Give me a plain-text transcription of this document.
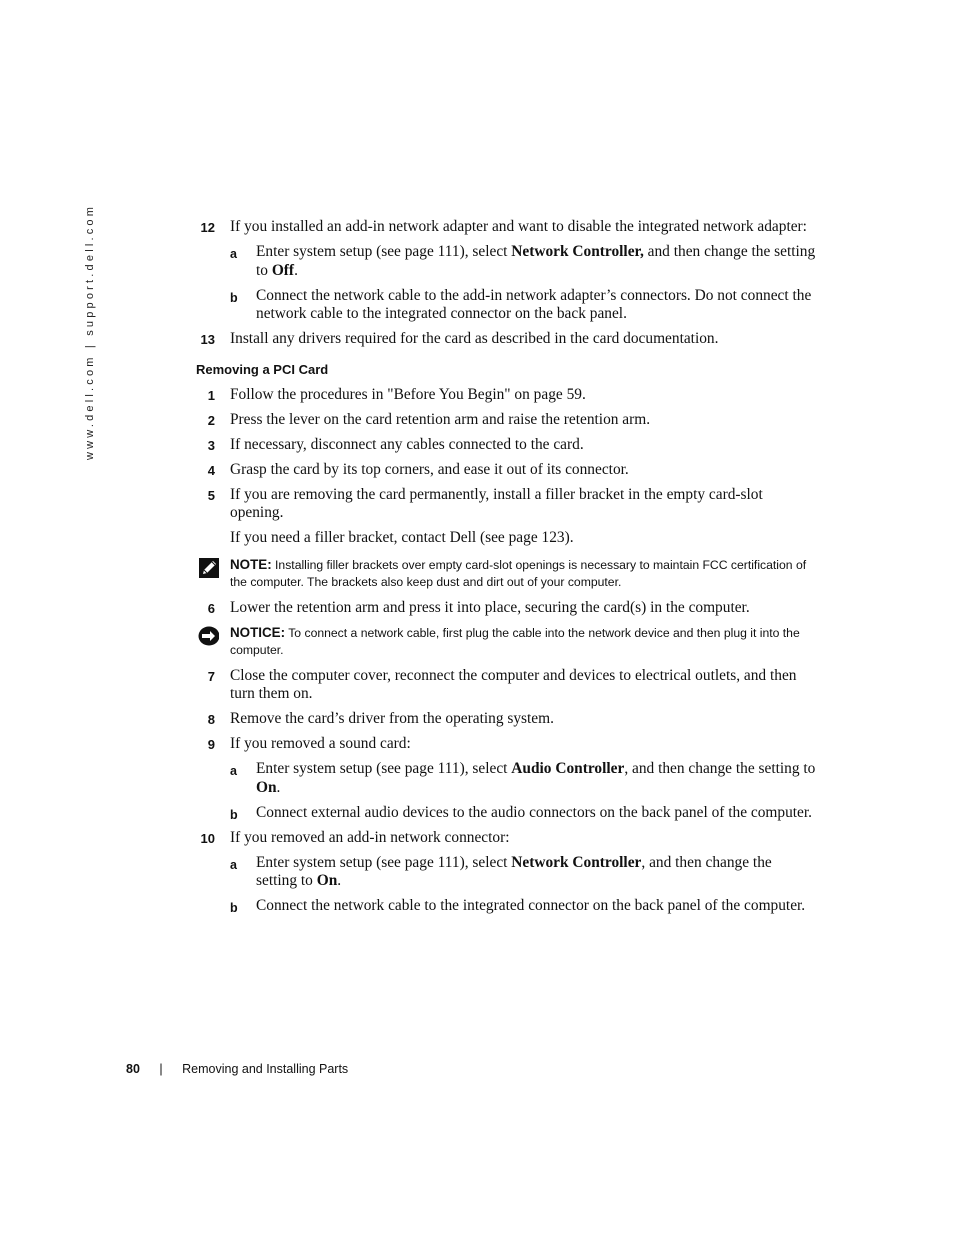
www.dell.com | support.dell.com	12 If you installed an add-in network adapter and want to disable the integrated network adapter:
a Enter system setup (see page 111), select Network Controller, and then change the setting to Off.
b Connect the network cable to the add-in network adapter’s connectors. Do not connect the network cable to the integrated connector on the back panel.
13 Install any drivers required for the card as described in the card documentation.
Removing a PCI Card
1 Follow the procedures in "Before You Begin" on page 59.
2 Press the lever on the card retention arm and raise the retention arm.
3 If necessary, disconnect any cables connected to the card.
4 Grasp the card by its top corners, and ease it out of its connector.
5 If you are removing the card permanently, install a filler bracket in the empty card-slot opening.
If you need a filler bracket, contact Dell (see page 123).
NOTE: Installing filler brackets over empty card-slot openings is necessary to maintain FCC certification of the computer. The brackets also keep dust and dirt out of your computer.
6 Lower the retention arm and press it into place, securing the card(s) in the computer.
NOTICE: To connect a network cable, first plug the cable into the network device and then plug it into the computer.
7 Close the computer cover, reconnect the computer and devices to electrical outlets, and then turn them on.
8 Remove the card’s driver from the operating system.
9 If you removed a sound card:
a Enter system setup (see page 111), select Audio Controller, and then change the setting to On.
b Connect external audio devices to the audio connectors on the back panel of the computer.
10 If you removed an add-in network connector:
a Enter system setup (see page 111), select Network Controller, and then change the setting to On.
b Connect the network cable to the integrated connector on the back panel of the computer.
80 | Removing and Installing Parts
